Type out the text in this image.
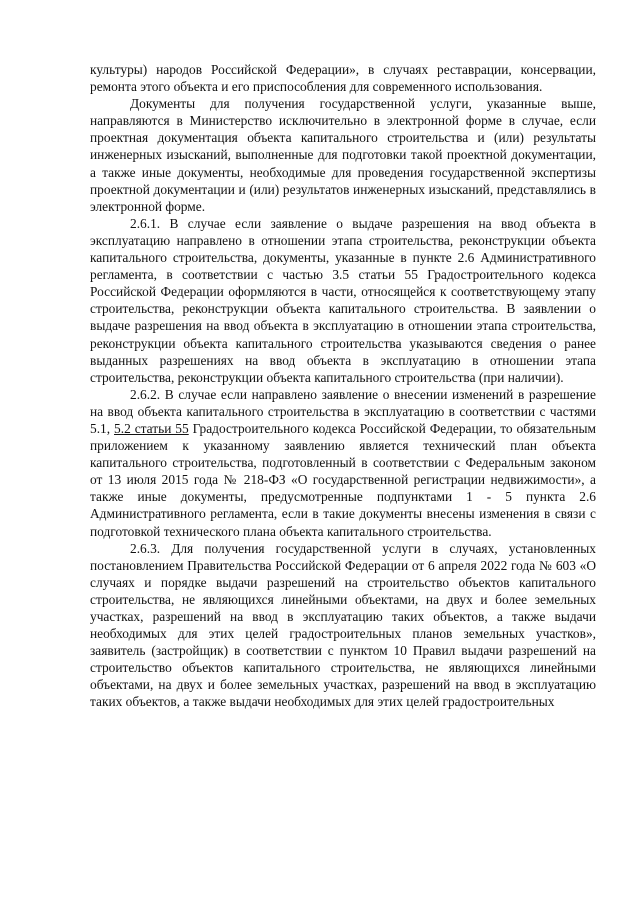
культуры) народов Российской Федерации», в случаях реставрации, консервации, ремонта этого объекта и его приспособления для современного использования.

Документы для получения государственной услуги, указанные выше, направляются в Министерство исключительно в электронной форме в случае, если проектная документация объекта капитального строительства и (или) результаты инженерных изысканий, выполненные для подготовки такой проектной документации, а также иные документы, необходимые для проведения государственной экспертизы проектной документации и (или) результатов инженерных изысканий, представлялись в электронной форме.

2.6.1. В случае если заявление о выдаче разрешения на ввод объекта в эксплуатацию направлено в отношении этапа строительства, реконструкции объекта капитального строительства, документы, указанные в пункте 2.6 Административного регламента, в соответствии с частью 3.5 статьи 55 Градостроительного кодекса Российской Федерации оформляются в части, относящейся к соответствующему этапу строительства, реконструкции объекта капитального строительства. В заявлении о выдаче разрешения на ввод объекта в эксплуатацию в отношении этапа строительства, реконструкции объекта капитального строительства указываются сведения о ранее выданных разрешениях на ввод объекта в эксплуатацию в отношении этапа строительства, реконструкции объекта капитального строительства (при наличии).

2.6.2. В случае если направлено заявление о внесении изменений в разрешение на ввод объекта капитального строительства в эксплуатацию в соответствии с частями 5.1, 5.2 статьи 55 Градостроительного кодекса Российской Федерации, то обязательным приложением к указанному заявлению является технический план объекта капитального строительства, подготовленный в соответствии с Федеральным законом от 13 июля 2015 года № 218-ФЗ «О государственной регистрации недвижимости», а также иные документы, предусмотренные подпунктами 1 - 5 пункта 2.6 Административного регламента, если в такие документы внесены изменения в связи с подготовкой технического плана объекта капитального строительства.

2.6.3. Для получения государственной услуги в случаях, установленных постановлением Правительства Российской Федерации от 6 апреля 2022 года № 603 «О случаях и порядке выдачи разрешений на строительство объектов капитального строительства, не являющихся линейными объектами, на двух и более земельных участках, разрешений на ввод в эксплуатацию таких объектов, а также выдачи необходимых для этих целей градостроительных планов земельных участков», заявитель (застройщик) в соответствии с пунктом 10 Правил выдачи разрешений на строительство объектов капитального строительства, не являющихся линейными объектами, на двух и более земельных участках, разрешений на ввод в эксплуатацию таких объектов, а также выдачи необходимых для этих целей градостроительных
